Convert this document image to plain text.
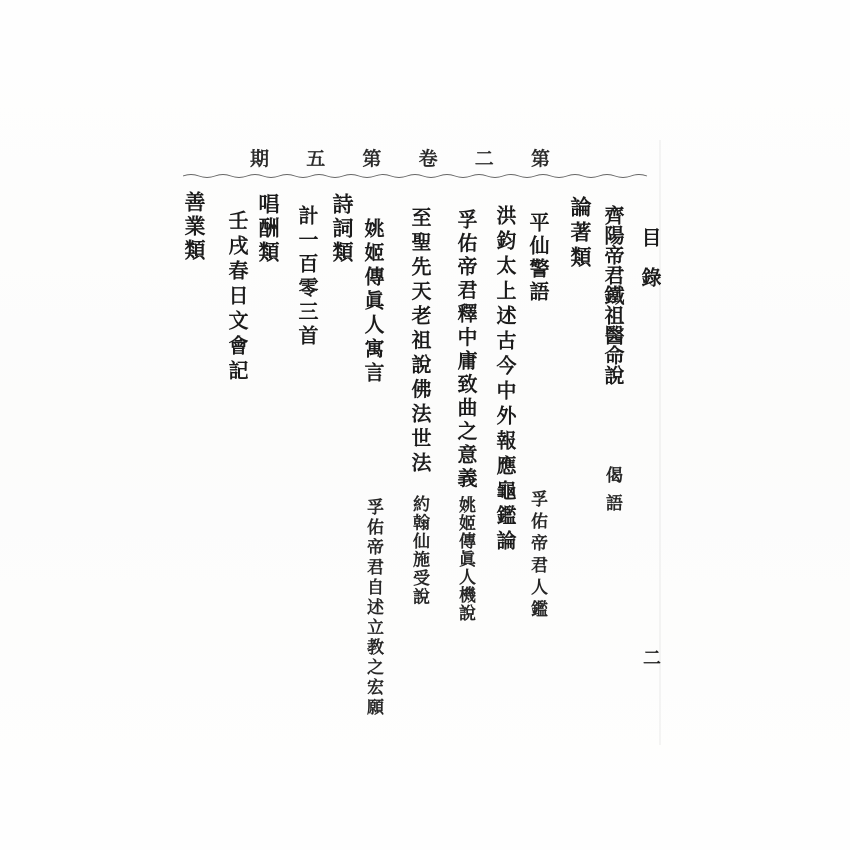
第
二
卷
第
五
期
目錄
齊陽帝君鐵祖醫命說
偈語
論著類
平仙警語
孚佑帝君人鑑
洪鈞太上述古今中外報應龜鑑論
孚佑帝君釋中庸致曲之意義
姚姬傳眞人機說
至聖先天老祖說佛法世法
約翰仙施受說
姚姬傳眞人寓言
孚佑帝君自述立教之宏願
詩詞類
計一百零三首
唱酬類
壬戌春日文會記
善業類
二
